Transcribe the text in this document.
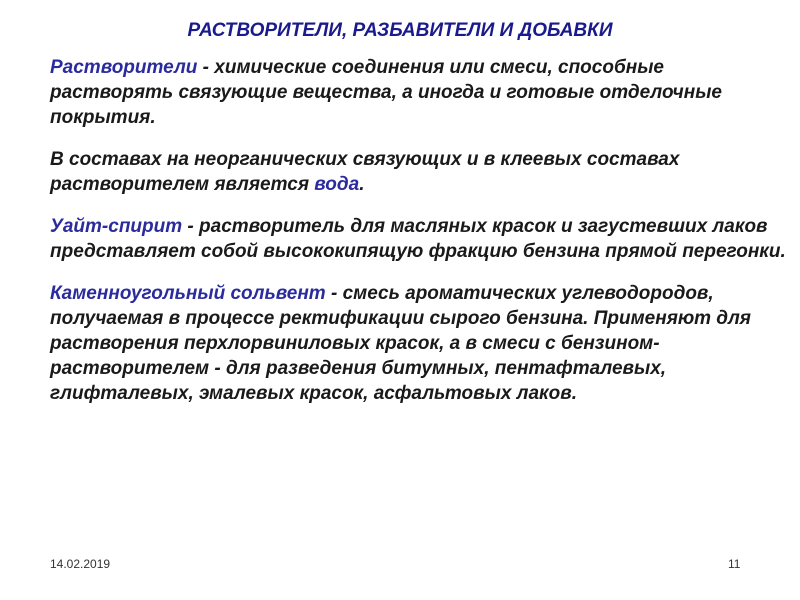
РАСТВОРИТЕЛИ, РАЗБАВИТЕЛИ И ДОБАВКИ

Растворители - химические соединения или смеси, способные растворять связующие вещества, а иногда и готовые отделочные покрытия.

В составах на неорганических связующих и в клеевых составах растворителем является вода.

Уайт-спирит - растворитель для масляных красок и загустевших лаков представляет собой высококипящую фракцию бензина прямой перегонки.

Каменноугольный сольвент - смесь ароматических углеводородов, получаемая в процессе ректификации сырого бензина. Применяют для растворения перхлорвиниловых красок, а в смеси с бензином-растворителем - для разведения битумных, пентафталевых, глифталевых, эмалевых красок, асфальтовых лаков.

14.02.2019	11
